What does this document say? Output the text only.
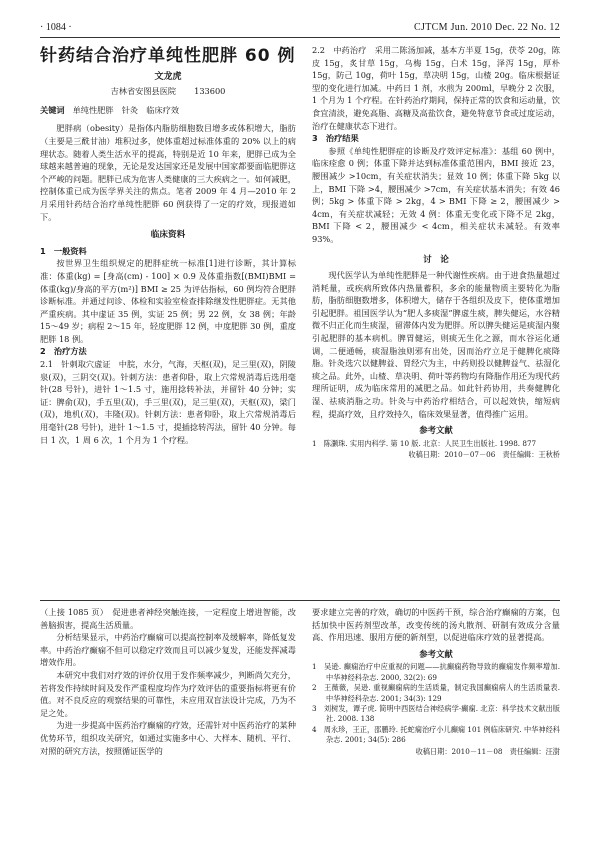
· 1084 ·	CJTCM Jun. 2010 Dec. 22 No. 12
针药结合治疗单纯性肥胖 60 例
文龙虎
吉林省安图县医院 133600
关键词 单纯性肥胖　针灸　临床疗效

肥胖病（obesity）是指体内脂肪细胞数目增多或体积增大，脂肪（主要是三酰甘油）堆积过多，使体重超过标准体重的 20% 以上的病理状态。随着人类生活水平的提高，特别是近 10 年来，肥胖已成为全球越来越普遍的现象，无论是发达国家还是发展中国家都要面临肥胖这个严峻的问题。肥胖已成为危害人类健康的三大疾病之一。如何减肥，控制体重已成为医学界关注的焦点。笔者 2009 年 4 月—2010 年 2 月采用针药结合治疗单纯性肥胖 60 例获得了一定的疗效，现报道如下。

临床资料
1　一般资料

按世界卫生组织规定的肥胖症统一标准[1]进行诊断，其计算标准：体重(kg) = [身高(cm) - 100] × 0.9 及体重指数[(BMI)BMI = 体重(kg)/身高的平方(m²)] BMI ≥ 25 为评估指标，60 例均符合肥胖诊断标准。并通过问诊、体检和实验室检查排除继发性肥胖症。无其他严重疾病。其中虚证 35 例，实证 25 例；男 22 例，女 38 例；年龄 15～49 岁；病程 2～15 年，轻度肥胖 12 例，中度肥胖 30 例，重度肥胖 18 例。

2　治疗方法

2.1　针刺取穴虚证　中脘，水分，气海，天枢(双)，足三里(双)，阴陵泉(双)，三阴交(双)。针刺方法：患者仰卧，取上穴常规消毒后选用毫针(28 号针)，进针 1～1.5 寸，施用捻转补法，并留针 40 分钟；实证：脾俞(双)，手五里(双)，手三里(双)，足三里(双)，天枢(双)，梁门(双)，地机(双)，丰隆(双)。针刺方法：患者仰卧，取上穴常规消毒后用毫针(28 号针)，进针 1～1.5 寸，提插捻转泻法，留针 40 分钟。每日 1 次，1 周 6 次，1 个月为 1 个疗程。

2.2　中药治疗　采用二陈汤加减，基本方半夏 15g，茯苓 20g，陈皮 15g，炙甘草 15g，乌梅 15g，白术 15g，泽泻 15g，厚朴 15g，防己 10g，荷叶 15g，草决明 15g，山楂 20g。临床根据证型的变化进行加减。中药日 1 剂，水煎为 200ml，早晚分 2 次服，1 个月为 1 个疗程。在针药治疗期间，保持正常的饮食和运动量，饮食宜清淡，避免高脂、高糖及高盐饮食，避免特意节食或过度运动，治疗在健康状态下进行。

3　治疗结果

参照《单纯性肥胖症的诊断及疗效评定标准》：基组 60 例中，临床痊愈 0 例；体重下降并达到标准体重范围内，BMI 接近 23，腰围减少 >10cm，有关症状消失；显效 10 例；体重下降 5kg 以上，BMI 下降 >4，腰围减少 >7cm，有关症状基本消失；有效 46 例；5kg > 体重下降 > 2kg，4 > BMI 下降 ≥ 2，腰围减少 > 4cm，有关症状减轻；无效 4 例：体重无变化或下降不足 2kg，BMI 下降 < 2，腰围减少 < 4cm，相关症状未减轻。有效率 93%。

讨　论

现代医学认为单纯性肥胖是一种代谢性疾病。由于进食热量超过消耗量，或疾病所致体内热量蓄积，多余的能量物质主要转化为脂肪，脂肪细胞数增多，体积增大，储存于各组织及皮下，使体重增加引起肥胖。祖国医学认为“肥人多痰湿”脾虚生痰，脾失健运，水谷精微不归正化而生痰湿，留滞体内发为肥胖。所以脾失健运是痰湿内聚引起肥胖的基本病机。脾胃健运，则痰无生化之源，而水谷运化通调，二便通畅，痰湿脂浊则邪有出处，因而治疗立足于健脾化痰降脂。针灸选穴以健脾益、胃经穴为主，中药则投以健脾益气、祛湿化痰之品。此外，山楂、草决明、荷叶等药物均有降脂作用还为现代药理所证明，成为临床常用的减肥之品。如此针药协用，共奏健脾化湿、祛痰消脂之功。针灸与中药治疗相结合，可以起效快，缩短病程，提高疗效，且疗效持久，临床效果显著，值得推广运用。

参考文献
1　陈灏珠. 实用内科学. 第 10 版. 北京：人民卫生出版社. 1998. 877
收稿日期：2010－07－06　责任编辑：王秋桥

（上接 1085 页）　促进患者神经突触连接，一定程度上增进智能，改善脑损害，提高生活质量。

分析结果显示，中药治疗癫痫可以提高控制率及缓解率，降低复发率。中药治疗癫痫不但可以稳定疗效而且可以减少复发，还能发挥减毒增效作用。

本研究中我们对疗效的评价仅用于发作频率减少，判断尚欠充分，若将发作持续时间及发作严重程度均作为疗效评估的重要指标将更有价值。对不良反应的观察结果的可靠性，未应用双盲法设计完成，乃为不足之处。

为进一步提高中医药治疗癫痫的疗效，还需针对中医药治疗的某种优势环节，组织攻关研究，如通过实施多中心、大样本、随机、平行、对照的研究方法，按照循证医学的

要求建立完善的疗效，确切的中医药干预，综合治疗癫痫的方案，包括加快中医药剂型改革，改变传统的汤丸散剂、研制有效成分含量高、作用迅速、服用方便的新剂型，以促进临床疗效的显著提高。

参考文献
1　吴逊. 癫痫治疗中应重视的问题——抗癫痫药物导致的癫痫发作频率增加. 中华神经科杂志. 2000, 32(2): 69
2　王薇薇，吴逊. 重视癫痫病的生活质量，制定我国癫痫病人的生活质量表. 中华神经科杂志. 2001; 34(3): 129
3　刘树发，谭子虎. 简明中西医结合神经病学·癫痫. 北京：科学技术文献出版社. 2008. 138
4　周永珍，王正，邵鹏玲. 托蛇痫治疗小儿癫痫 101 例临床研究. 中华神经科杂志. 2001; 34(5): 286
收稿日期：2010－11－08　责任编辑：汪澍
